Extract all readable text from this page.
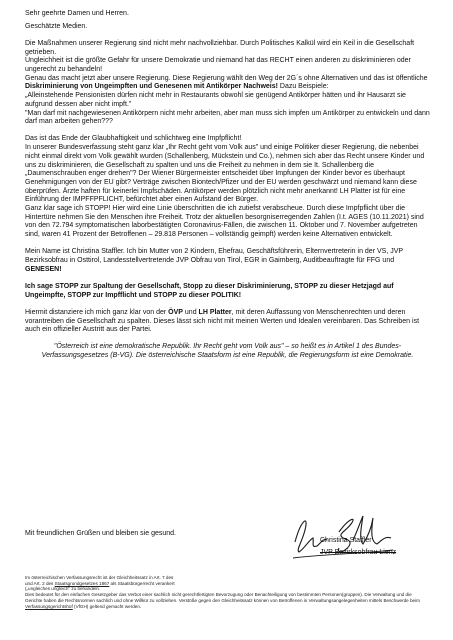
Sehr geehrte Damen und Herren.

Geschätzte Medien.

Die Maßnahmen unserer Regierung sind nicht mehr nachvollziehbar. Durch Politisches Kalkül wird ein Keil in die Gesellschaft getrieben.
Ungleichheit ist die größte Gefahr für unsere Demokratie und niemand hat das RECHT einen anderen zu diskriminieren oder ungerecht zu behandeln!
Genau das macht jetzt aber unsere Regierung. Diese Regierung wählt den Weg der 2G´s ohne Alternativen und das ist öffentliche Diskriminierung von Ungeimpften und Genesenen mit Antikörper Nachweis! Dazu Beispiele:
„Alleinstehende Pensionisten dürfen nicht mehr in Restaurants obwohl sie genügend Antikörper hätten und ihr Hausarzt sie aufgrund dessen aber nicht impft."
"Man darf mit nachgewiesenen Antikörpern nicht mehr arbeiten, aber man muss sich impfen um Antikörper zu entwickeln und dann darf man arbeiten gehen???

Das ist das Ende der Glaubhaftigkeit und schlichtweg eine Impfpflicht!
In unserer Bundesverfassung steht ganz klar „Ihr Recht geht vom Volk aus" und einige Politiker dieser Regierung, die nebenbei nicht einmal direkt vom Volk gewählt wurden (Schallenberg, Mückstein und Co.), nehmen sich aber das Recht unsere Kinder und uns zu diskriminieren, die Gesellschaft zu spalten und uns die Freiheit zu nehmen in dem sie It. Schallenberg die „Daumenschrauben enger drehen"? Der Wiener Bürgermeister entscheidet über Impfungen der Kinder bevor es überhaupt Genehmigungen von der EU gibt? Verträge zwischen Biontech/Pfizer und der EU werden geschwärzt und niemand kann diese überprüfen. Ärzte haften für keinerlei Impfschäden. Antikörper werden plötzlich nicht mehr anerkannt! LH Platter ist für eine Einführung der IMPFFPFLICHT, befürchtet aber einen Aufstand der Bürger.
Ganz klar sage ich STOPP! Hier wird eine Linie überschritten die ich zutiefst verabscheue. Durch diese Impfpflicht über die Hintertüre nehmen Sie den Menschen ihre Freiheit. Trotz der aktuellen besorgniserregenden Zahlen (I.t. AGES (10.11.2021) sind von den 72.794 symptomatischen laborbestätigten Coronavirus-Fällen, die zwischen 11. Oktober und 7. November aufgetreten sind, waren 41 Prozent der Betroffenen – 29.818 Personen – vollständig geimpft) werden keine Alternativen entwickelt.

Mein Name ist Christina Staffler. Ich bin Mutter von 2 Kindern, Ehefrau, Geschäftsführerin, Elternvertreterin in der VS, JVP Bezirksobfrau in Osttirol, Landesstellvertretende JVP Obfrau von Tirol, EGR in Gaimberg, Auditbeauftragte für FFG und GENESEN!

Ich sage STOPP zur Spaltung der Gesellschaft, Stopp zu dieser Diskriminierung, STOPP zu dieser Hetzjagd auf Ungeimpfte, STOPP zur Impfflicht und STOPP zu dieser POLITIK!

Hiermit distanziere ich mich ganz klar von der ÖVP und LH Platter, mit deren Auffassung von Menschenrechten und deren vorantreiben die Gesellschaft zu spalten. Dieses lässt sich nicht mit meinen Werten und Idealen vereinbaren. Das Schreiben ist auch ein offizieller Austritt aus der Partei.

"Österreich ist eine demokratische Republik. Ihr Recht geht vom Volk aus" – so heißt es in Artikel 1 des Bundes-Verfassungsgesetzes (B-VG). Die österreichische Staatsform ist eine Republik, die Regierungsform ist eine Demokratie.

Mit freundlichen Grüßen und bleiben sie gesund.
Christina Staffler
JVP Bezirksobfrau Lienz

Im österreichischen Verfassungsrecht ist der Gleichheitssatz in Art. 7 des

und Art. 2 des Staatsgrundgesetzes 1867 als Staatsbürgerrecht verankert

(„ungleiches ungleich" zu behandeln.

Dies bedeutet für den einfachen Gesetzgeber das Verbot einer sachlich nicht gerechtfertigten Bevorzugung oder Benachteiligung von bestimmten Personen(gruppen). Die Verwaltung und die Gerichte haben die Rechtsnormen sachlich und ohne Willkür zu vollziehen. Verstöße gegen den Gleichheitssatz können von Betroffenen in Verwaltungsangelegenheiten mittels Beschwerde beim Verfassungsgerichtshof (VfGH) geltend gemacht werden.
